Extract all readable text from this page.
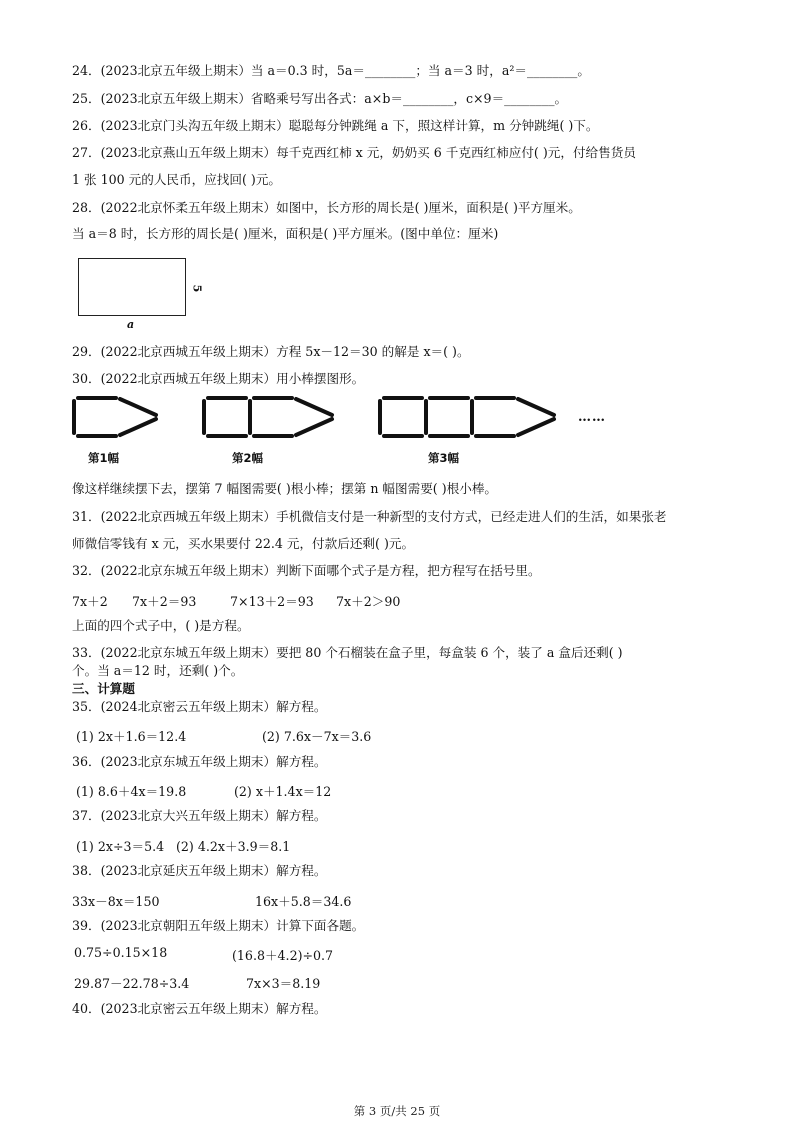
24．(2023北京五年级上期末）当 a＝0.3 时，5a＝________；当 a＝3 时，a²＝________。
25．(2023北京五年级上期末）省略乘号写出各式：a×b＝________，c×9＝________。
26．(2023北京门头沟五年级上期末）聪聪每分钟跳绳 a 下，照这样计算，m 分钟跳绳( )下。
27．(2023北京燕山五年级上期末）每千克西红柿 x 元，奶奶买 6 千克西红柿应付( )元，付给售货员
1 张 100 元的人民币，应找回( )元。
28．(2022北京怀柔五年级上期末）如图中，长方形的周长是( )厘米，面积是( )平方厘米。
当 a＝8 时，长方形的周长是( )厘米，面积是( )平方厘米。(图中单位：厘米)
5
a
29．(2022北京西城五年级上期末）方程 5x－12＝30 的解是 x＝( )。
30．(2022北京西城五年级上期末）用小棒摆图形。
……
第1幅	第2幅	第3幅
像这样继续摆下去，摆第 7 幅图需要( )根小棒；摆第 n 幅图需要( )根小棒。
31．(2022北京西城五年级上期末）手机微信支付是一种新型的支付方式，已经走进人们的生活，如果张老
师微信零钱有 x 元，买水果要付 22.4 元，付款后还剩( )元。
32．(2022北京东城五年级上期末）判断下面哪个式子是方程，把方程写在括号里。
7x＋2 7x＋2＝93	7×13＋2＝93 7x＋2＞90
上面的四个式子中，( )是方程。
33．(2022北京东城五年级上期末）要把 80 个石榴装在盒子里，每盒装 6 个，装了 a 盒后还剩( )
个。当 a＝12 时，还剩( )个。
三、计算题
35．(2024北京密云五年级上期末）解方程。
(1) 2x＋1.6＝12.4	(2) 7.6x－7x＝3.6
36．(2023北京东城五年级上期末）解方程。
(1) 8.6＋4x＝19.8	(2) x＋1.4x＝12
37．(2023北京大兴五年级上期末）解方程。
(1) 2x÷3＝5.4 (2) 4.2x＋3.9＝8.1
38．(2023北京延庆五年级上期末）解方程。
33x－8x＝150	16x＋5.8＝34.6
39．(2023北京朝阳五年级上期末）计算下面各题。
0.75÷0.15×18	(16.8＋4.2)÷0.7
29.87－22.78÷3.4	7x×3＝8.19
40．(2023北京密云五年级上期末）解方程。
第 3 页/共 25 页
